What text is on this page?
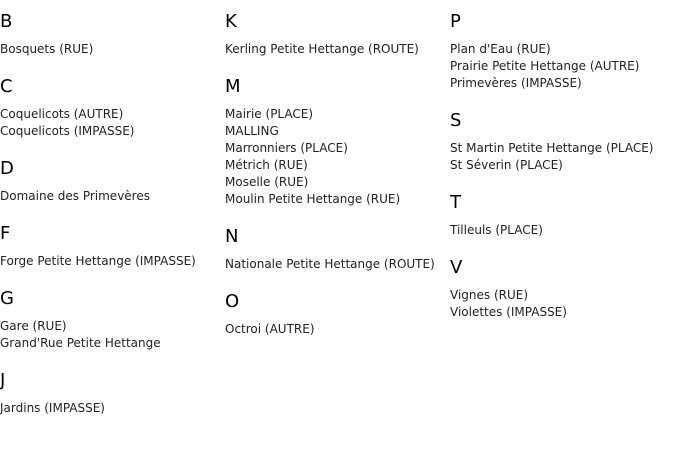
B
Bosquets (RUE)
C
Coquelicots (AUTRE)
Coquelicots (IMPASSE)
D
Domaine des Primevères
F
Forge Petite Hettange (IMPASSE)
G
Gare (RUE)
Grand'Rue Petite Hettange
J
Jardins (IMPASSE)
K
Kerling Petite Hettange (ROUTE)
M
Mairie (PLACE)
MALLING
Marronniers (PLACE)
Métrich (RUE)
Moselle (RUE)
Moulin Petite Hettange (RUE)
N
Nationale Petite Hettange (ROUTE)
O
Octroi (AUTRE)
P
Plan d'Eau (RUE)
Prairie Petite Hettange (AUTRE)
Primevères (IMPASSE)
S
St Martin Petite Hettange (PLACE)
St Séverin (PLACE)
T
Tilleuls (PLACE)
V
Vignes (RUE)
Violettes (IMPASSE)
